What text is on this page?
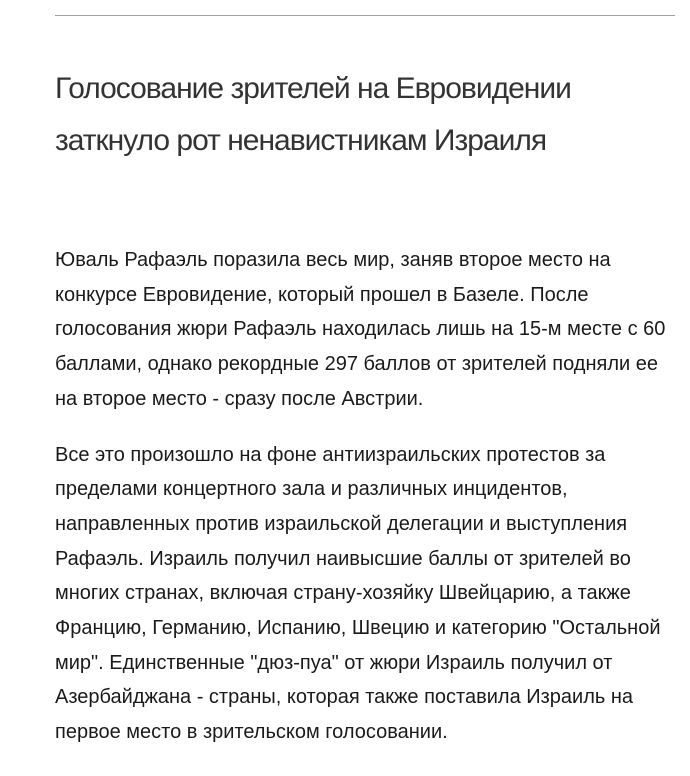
Голосование зрителей на Евровидении заткнуло рот ненавистникам Израиля

Юваль Рафаэль поразила весь мир, заняв второе место на конкурсе Евровидение, который прошел в Базеле. После голосования жюри Рафаэль находилась лишь на 15-м месте с 60 баллами, однако рекордные 297 баллов от зрителей подняли ее на второе место - сразу после Австрии.

Все это произошло на фоне антиизраильских протестов за пределами концертного зала и различных инцидентов, направленных против израильской делегации и выступления Рафаэль. Израиль получил наивысшие баллы от зрителей во многих странах, включая страну-хозяйку Швейцарию, а также Францию, Германию, Испанию, Швецию и категорию "Остальной мир". Единственные "дюз-пуа" от жюри Израиль получил от Азербайджана - страны, которая также поставила Израиль на первое место в зрительском голосовании.
